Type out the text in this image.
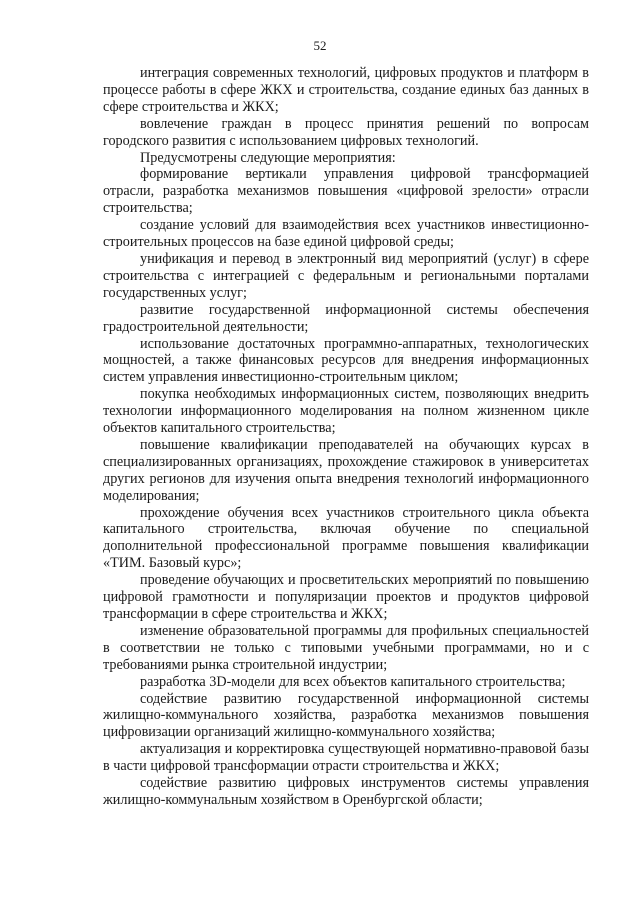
52

интеграция современных технологий, цифровых продуктов и платформ в процессе работы в сфере ЖКХ и строительства, создание единых баз данных в сфере строительства и ЖКХ;

вовлечение граждан в процесс принятия решений по вопросам городского развития с использованием цифровых технологий.

Предусмотрены следующие мероприятия:

формирование вертикали управления цифровой трансформацией отрасли, разработка механизмов повышения «цифровой зрелости» отрасли строительства;

создание условий для взаимодействия всех участников инвестиционно-строительных процессов на базе единой цифровой среды;

унификация и перевод в электронный вид мероприятий (услуг) в сфере строительства с интеграцией с федеральным и региональными порталами государственных услуг;

развитие государственной информационной системы обеспечения градостроительной деятельности;

использование достаточных программно-аппаратных, технологических мощностей, а также финансовых ресурсов для внедрения информационных систем управления инвестиционно-строительным циклом;

покупка необходимых информационных систем, позволяющих внедрить технологии информационного моделирования на полном жизненном цикле объектов капитального строительства;

повышение квалификации преподавателей на обучающих курсах в специализированных организациях, прохождение стажировок в университетах других регионов для изучения опыта внедрения технологий информационного моделирования;

прохождение обучения всех участников строительного цикла объекта капитального строительства, включая обучение по специальной дополнительной профессиональной программе повышения квалификации «ТИМ. Базовый курс»;

проведение обучающих и просветительских мероприятий по повышению цифровой грамотности и популяризации проектов и продуктов цифровой трансформации в сфере строительства и ЖКХ;

изменение образовательной программы для профильных специальностей в соответствии не только с типовыми учебными программами, но и с требованиями рынка строительной индустрии;

разработка 3D-модели для всех объектов капитального строительства;

содействие развитию государственной информационной системы жилищно-коммунального хозяйства, разработка механизмов повышения цифровизации организаций жилищно-коммунального хозяйства;

актуализация и корректировка существующей нормативно-правовой базы в части цифровой трансформации отрасти строительства и ЖКХ;

содействие развитию цифровых инструментов системы управления жилищно-коммунальным хозяйством в Оренбургской области;
